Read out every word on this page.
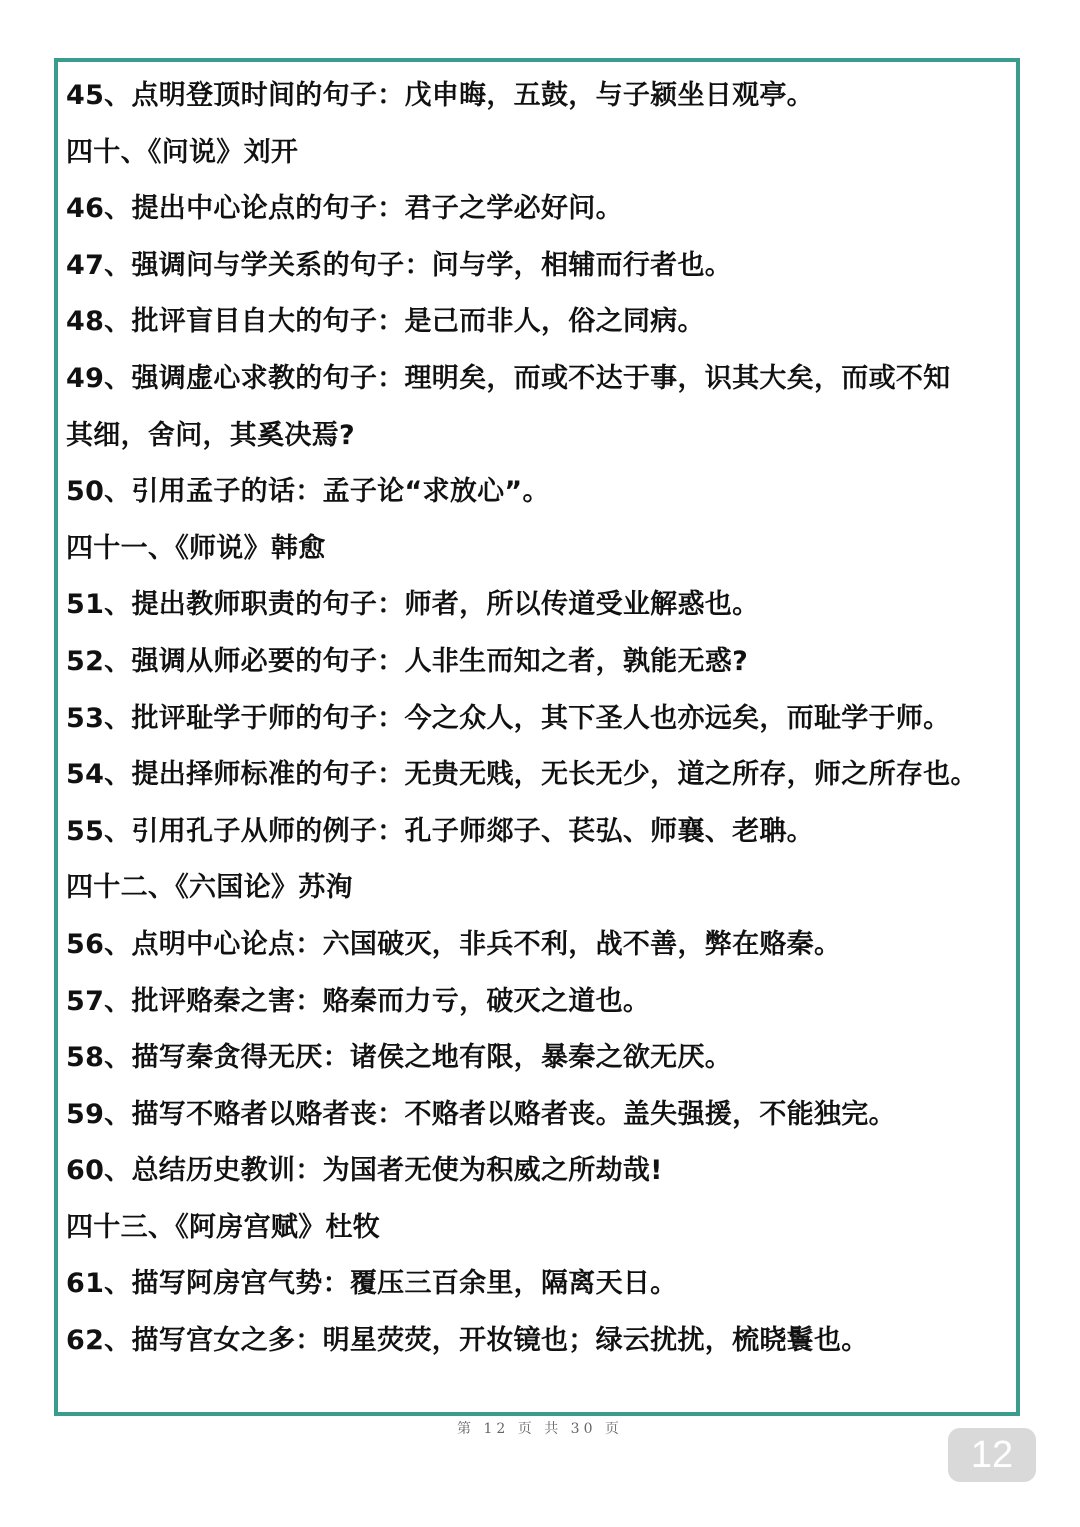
45、点明登顶时间的句子：戊申晦，五鼓，与子颍坐日观亭。
四十、《问说》刘开
46、提出中心论点的句子：君子之学必好问。
47、强调问与学关系的句子：问与学，相辅而行者也。
48、批评盲目自大的句子：是己而非人，俗之同病。
49、强调虚心求教的句子：理明矣，而或不达于事，识其大矣，而或不知
其细，舍问，其奚决焉?
50、引用孟子的话：孟子论“求放心”。
四十一、《师说》韩愈
51、提出教师职责的句子：师者，所以传道受业解惑也。
52、强调从师必要的句子：人非生而知之者，孰能无惑?
53、批评耻学于师的句子：今之众人，其下圣人也亦远矣，而耻学于师。
54、提出择师标准的句子：无贵无贱，无长无少，道之所存，师之所存也。
55、引用孔子从师的例子：孔子师郯子、苌弘、师襄、老聃。
四十二、《六国论》苏洵
56、点明中心论点：六国破灭，非兵不利，战不善，弊在赂秦。
57、批评赂秦之害：赂秦而力亏，破灭之道也。
58、描写秦贪得无厌：诸侯之地有限，暴秦之欲无厌。
59、描写不赂者以赂者丧：不赂者以赂者丧。盖失强援，不能独完。
60、总结历史教训：为国者无使为积威之所劫哉!
四十三、《阿房宫赋》杜牧
61、描写阿房宫气势：覆压三百余里，隔离天日。
62、描写宫女之多：明星荧荧，开妆镜也；绿云扰扰，梳晓鬟也。
第 12 页 共 30 页
12
